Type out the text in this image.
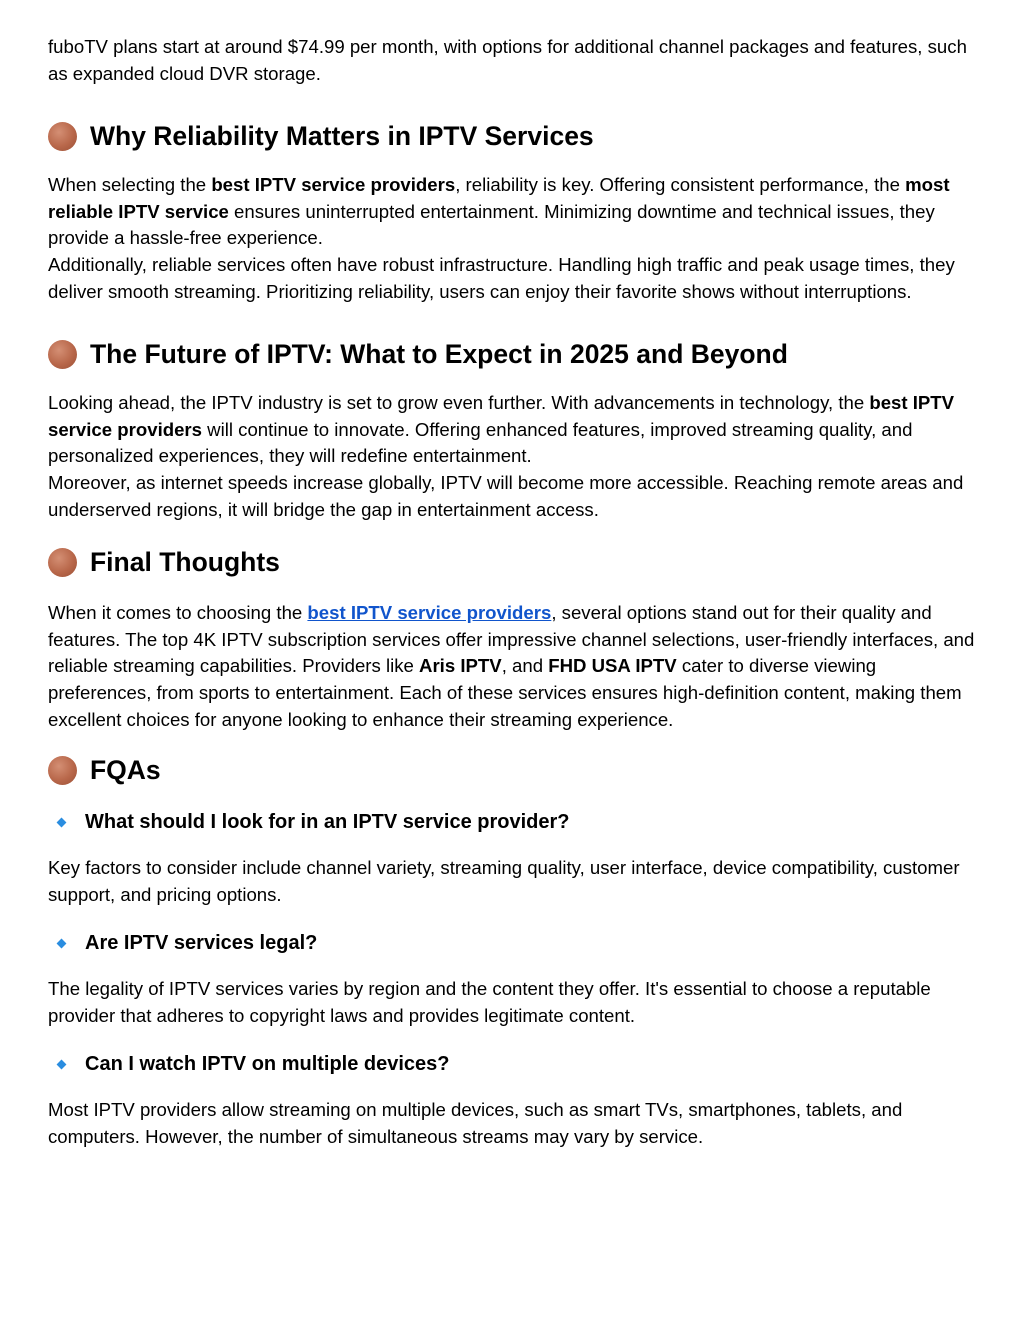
fuboTV plans start at around $74.99 per month, with options for additional channel packages and features, such as expanded cloud DVR storage.

Why Reliability Matters in IPTV Services

When selecting the best IPTV service providers, reliability is key. Offering consistent performance, the most reliable IPTV service ensures uninterrupted entertainment. Minimizing downtime and technical issues, they provide a hassle-free experience.

Additionally, reliable services often have robust infrastructure. Handling high traffic and peak usage times, they deliver smooth streaming. Prioritizing reliability, users can enjoy their favorite shows without interruptions.

The Future of IPTV: What to Expect in 2025 and Beyond

Looking ahead, the IPTV industry is set to grow even further. With advancements in technology, the best IPTV service providers will continue to innovate. Offering enhanced features, improved streaming quality, and personalized experiences, they will redefine entertainment.

Moreover, as internet speeds increase globally, IPTV will become more accessible. Reaching remote areas and underserved regions, it will bridge the gap in entertainment access.

Final Thoughts

When it comes to choosing the best IPTV service providers, several options stand out for their quality and features. The top 4K IPTV subscription services offer impressive channel selections, user-friendly interfaces, and reliable streaming capabilities. Providers like Aris IPTV, and FHD USA IPTV cater to diverse viewing preferences, from sports to entertainment. Each of these services ensures high-definition content, making them excellent choices for anyone looking to enhance their streaming experience.

FQAs
What should I look for in an IPTV service provider?

Key factors to consider include channel variety, streaming quality, user interface, device compatibility, customer support, and pricing options.

Are IPTV services legal?

The legality of IPTV services varies by region and the content they offer. It's essential to choose a reputable provider that adheres to copyright laws and provides legitimate content.

Can I watch IPTV on multiple devices?

Most IPTV providers allow streaming on multiple devices, such as smart TVs, smartphones, tablets, and computers. However, the number of simultaneous streams may vary by service.
